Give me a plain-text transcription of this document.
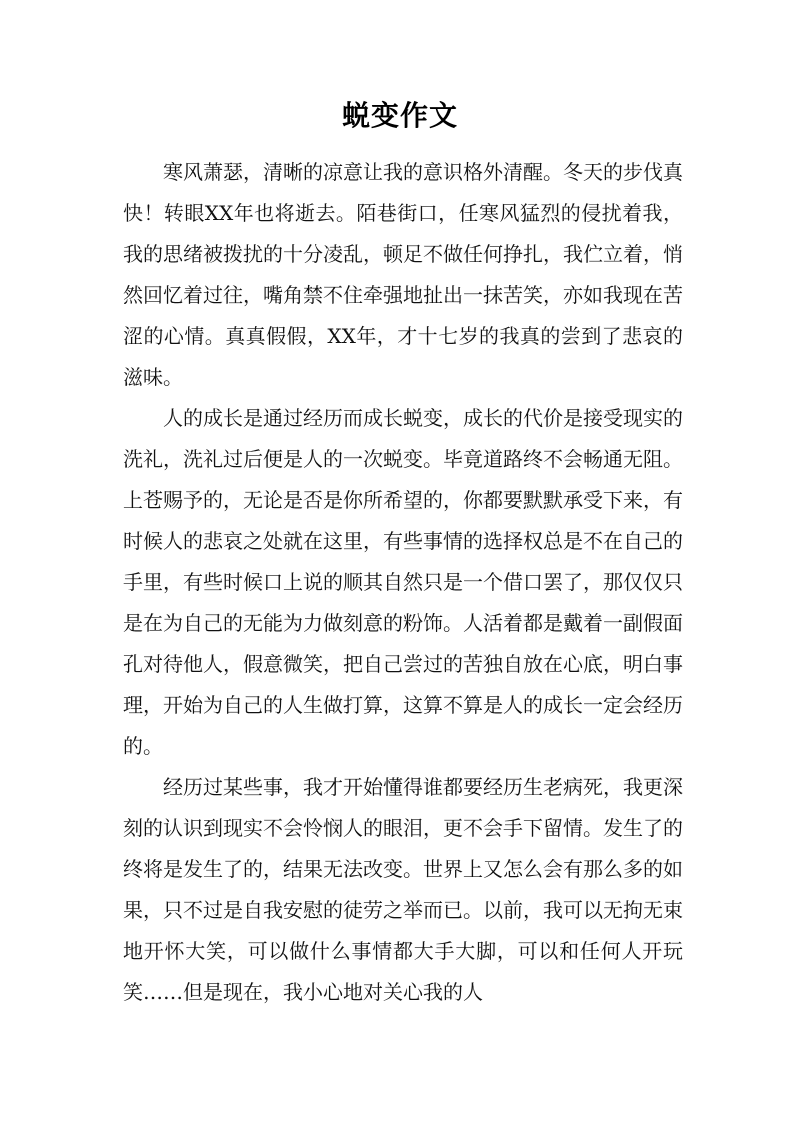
蜕变作文

寒风萧瑟，清晰的凉意让我的意识格外清醒。冬天的步伐真快！转眼XX年也将逝去。陌巷街口，任寒风猛烈的侵扰着我，我的思绪被拨扰的十分凌乱，顿足不做任何挣扎，我伫立着，悄然回忆着过往，嘴角禁不住牵强地扯出一抹苦笑，亦如我现在苦涩的心情。真真假假，XX年，才十七岁的我真的尝到了悲哀的滋味。

人的成长是通过经历而成长蜕变，成长的代价是接受现实的洗礼，洗礼过后便是人的一次蜕变。毕竟道路终不会畅通无阻。上苍赐予的，无论是否是你所希望的，你都要默默承受下来，有时候人的悲哀之处就在这里，有些事情的选择权总是不在自己的手里，有些时候口上说的顺其自然只是一个借口罢了，那仅仅只是在为自己的无能为力做刻意的粉饰。人活着都是戴着一副假面孔对待他人，假意微笑，把自己尝过的苦独自放在心底，明白事理，开始为自己的人生做打算，这算不算是人的成长一定会经历的。

经历过某些事，我才开始懂得谁都要经历生老病死，我更深刻的认识到现实不会怜悯人的眼泪，更不会手下留情。发生了的终将是发生了的，结果无法改变。世界上又怎么会有那么多的如果，只不过是自我安慰的徒劳之举而已。以前，我可以无拘无束地开怀大笑，可以做什么事情都大手大脚，可以和任何人开玩笑……但是现在，我小心地对关心我的人
